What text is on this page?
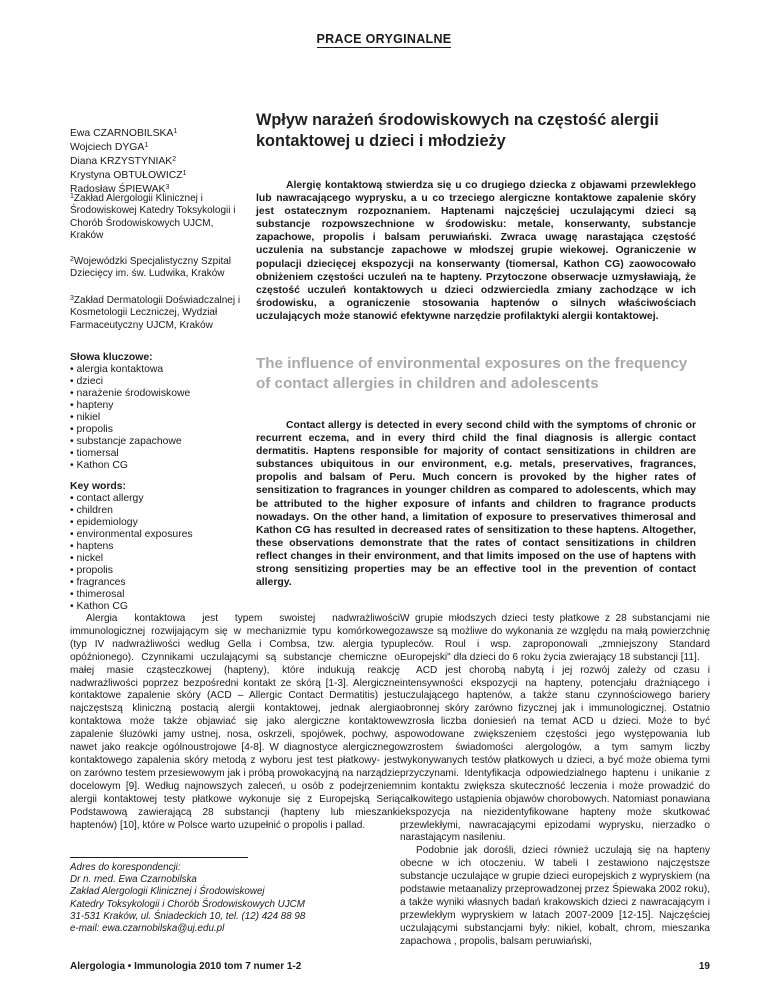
PRACE ORYGINALNE
Ewa CZARNOBILSKA$^1$
Wojciech DYGA$^1$
Diana KRZYSTYNIAK$^2$
Krystyna OBTUŁOWICZ$^1$
Radosław ŚPIEWAK$^3$
$^1$Zakład Alergologii Klinicznej i Środowiskowej Katedry Toksykologii i Chorób Środowiskowych UJCM, Kraków
$^2$Wojewódzki Specjalistyczny Szpital Dziecięcy im. św. Ludwika, Kraków
$^3$Zakład Dermatologii Doświadczalnej i Kosmetologii Leczniczej, Wydział Farmaceutyczny UJCM, Kraków
Słowa kluczowe:
• alergia kontaktowa
• dzieci
• narażenie środowiskowe
• hapteny
• nikiel
• propolis
• substancje zapachowe
• tiomersal
• Kathon CG
Key words:
• contact allergy
• children
• epidemiology
• environmental exposures
• haptens
• nickel
• propolis
• fragrances
• thimerosal
• Kathon CG
Wpływ narażeń środowiskowych na częstość alergii kontaktowej u dzieci i młodzieży
Alergię kontaktową stwierdza się u co drugiego dziecka z objawami przewlekłego lub nawracającego wyprysku, a u co trzeciego alergiczne kontaktowe zapalenie skóry jest ostatecznym rozpoznaniem. Haptenami najczęściej uczulającymi dzieci są substancje rozpowszechnione w środowisku: metale, konserwanty, substancje zapachowe, propolis i balsam peruwiański. Zwraca uwagę narastająca częstość uczulenia na substancje zapachowe w młodszej grupie wiekowej. Ograniczenie w populacji dziecięcej ekspozycji na konserwanty (tiomersal, Kathon CG) zaowocowało obniżeniem częstości uczuleń na te hapteny. Przytoczone obserwacje uzmysławiają, że częstość uczuleń kontaktowych u dzieci odzwierciedla zmiany zachodzące w ich środowisku, a ograniczenie stosowania haptenów o silnych właściwościach uczulających może stanowić efektywne narzędzie profilaktyki alergii kontaktowej.
The influence of environmental exposures on the frequency of contact allergies in children and adolescents
Contact allergy is detected in every second child with the symptoms of chronic or recurrent eczema, and in every third child the final diagnosis is allergic contact dermatitis. Haptens responsible for majority of contact sensitizations in children are substances ubiquitous in our environment, e.g. metals, preservatives, fragrances, propolis and balsam of Peru. Much concern is provoked by the higher rates of sensitization to fragrances in younger children as compared to adolescents, which may be attributed to the higher exposure of infants and children to fragrance products nowadays. On the other hand, a limitation of exposure to preservatives thimerosal and Kathon CG has resulted in decreased rates of sensitization to these haptens. Altogether, these observations demonstrate that the rates of contact sensitizations in children reflect changes in their environment, and that limits imposed on the use of haptens with strong sensitizing properties may be an effective tool in the prevention of contact allergy.

Alergia kontaktowa jest typem swoistej nadwrażliwości immunologicznej rozwijającym się w mechanizmie typu komórkowego (typ IV nadwrażliwości według Gella i Combsa, tzw. alergia typu opóźnionego). Czynnikami uczulającymi są substancje chemiczne o małej masie cząsteczkowej (hapteny), które indukują reakcję nadwrażliwości poprzez bezpośredni kontakt ze skórą [1-3]. Alergiczne kontaktowe zapalenie skóry (ACD – Allergic Contact Dermatitis) jest najczęstszą kliniczną postacią alergii kontaktowej, jednak alergia kontaktowa może także objawiać się jako alergiczne kontaktowe zapalenie śluzówki jamy ustnej, nosa, oskrzeli, spojówek, pochwy, a nawet jako reakcje ogólnoustrojowe [4-8]. W diagnostyce alergicznego kontaktowego zapalenia skóry metodą z wyboru jest test płatkowy- jest on zarówno testem przesiewowym jak i próbą prowokacyjną na narządzie docelowym [9]. Według najnowszych zaleceń, u osób z podejrzeniem alergii kontaktowej testy płatkowe wykonuje się z Europejską Serią Podstawową zawierającą 28 substancji (hapteny lub mieszanki haptenów) [10], które w Polsce warto uzupełnić o propolis i pallad.

Adres do korespondencji:
Dr n. med. Ewa Czarnobilska
Zakład Alergologii Klinicznej i Środowiskowej
Katedry Toksykologii i Chorób Środowiskowych UJCM
31-531 Kraków, ul. Śniadeckich 10, tel. (12) 424 88 98
e-mail: ewa.czarnobilska@uj.edu.pl

W grupie młodszych dzieci testy płatkowe z 28 substancjami nie zawsze są możliwe do wykonania ze względu na małą powierzchnię pleców. Roul i wsp. zaproponowali „zmniejszony Standard Europejski" dla dzieci do 6 roku życia zwierający 18 substancji [11].

ACD jest chorobą nabytą i jej rozwój zależy od czasu i intensywności ekspozycji na hapteny, potencjału drażniącego i uczulającego haptenów, a także stanu czynnościowego bariery obronnej skóry zarówno fizycznej jak i immunologicznej. Ostatnio wzrosła liczba doniesień na temat ACD u dzieci. Może to być spowodowane zwiększeniem częstości jego występowania lub wzrostem świadomości alergologów, a tym samym liczby wykonywanych testów płatkowych u dzieci, a być może obiema tymi przyczynami. Identyfikacja odpowiedzialnego haptenu i unikanie z nim kontaktu zwiększa skuteczność leczenia i może prowadzić do całkowitego ustąpienia objawów chorobowych. Natomiast ponawiana ekspozycja na niezidentyfikowane hapteny może skutkować przewlekłymi, nawracającymi epizodami wyprysku, nierzadko o narastającym nasileniu.

Podobnie jak dorośli, dzieci również uczulają się na hapteny obecne w ich otoczeniu. W tabeli I zestawiono najczęstsze substancje uczulające w grupie dzieci europejskich z wypryskiem (na podstawie metaanalizy przeprowadzonej przez Śpiewaka 2002 roku), a także wyniki własnych badań krakowskich dzieci z nawracającym i przewlekłym wypryskiem w latach 2007-2009 [12-15]. Najczęściej uczulającymi substancjami były: nikiel, kobalt, chrom, mieszanka zapachowa , propolis, balsam peruwiański,

Alergologia • Immunologia 2010 tom 7 numer 1-2	19
